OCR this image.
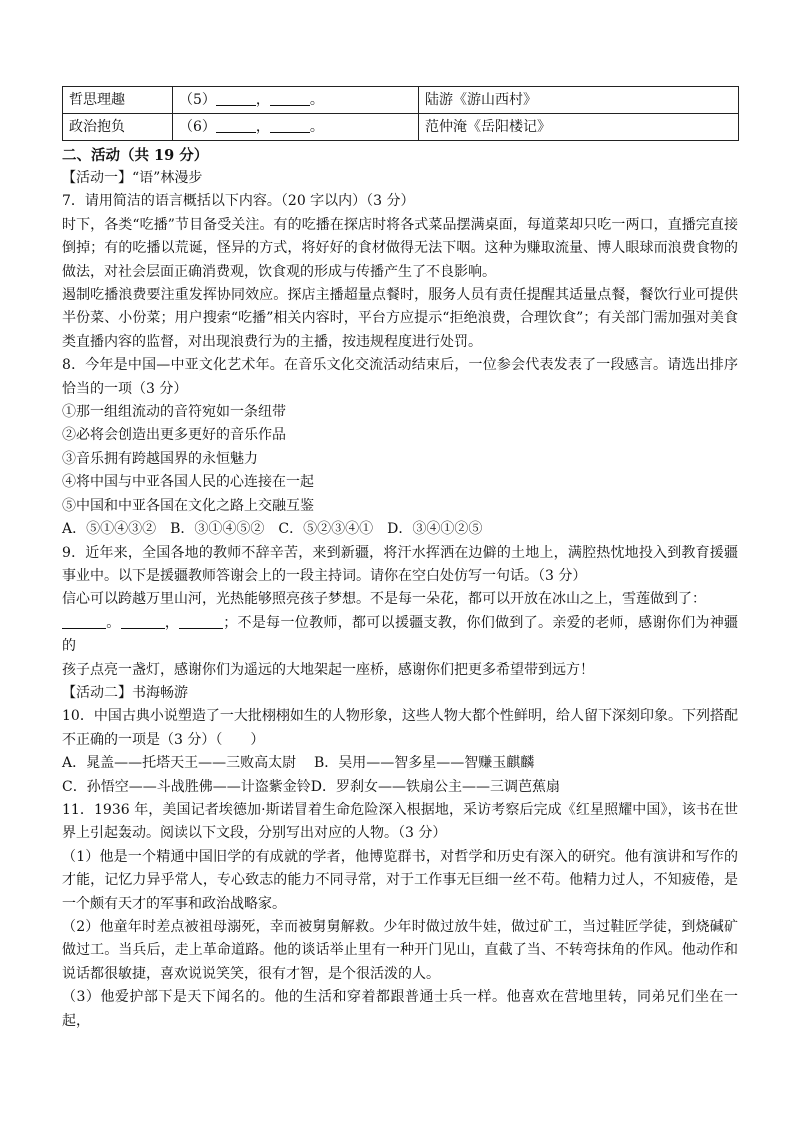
哲思理趣	（5） ， 。	陆游《游山西村》
政治抱负	（6） ， 。	范仲淹《岳阳楼记》
二、活动（共 19 分）

【活动一】“语”林漫步

7．请用简洁的语言概括以下内容。（20 字以内）（3 分）

时下，各类“吃播”节目备受关注。有的吃播在探店时将各式菜品摆满桌面，每道菜却只吃一两口，直播完直接倒掉；有的吃播以荒诞，怪异的方式，将好好的食材做得无法下咽。这种为赚取流量、博人眼球而浪费食物的做法，对社会层面正确消费观，饮食观的形成与传播产生了不良影响。

遏制吃播浪费要注重发挥协同效应。探店主播超量点餐时，服务人员有责任提醒其适量点餐，餐饮行业可提供半份菜、小份菜；用户搜索“吃播”相关内容时，平台方应提示“拒绝浪费，合理饮食”；有关部门需加强对美食类直播内容的监督，对出现浪费行为的主播，按违规程度进行处罚。

8．今年是中国—中亚文化艺术年。在音乐文化交流活动结束后，一位参会代表发表了一段感言。请选出排序恰当的一项（3 分）

①那一组组流动的音符宛如一条纽带

②必将会创造出更多更好的音乐作品

③音乐拥有跨越国界的永恒魅力

④将中国与中亚各国人民的心连接在一起

⑤中国和中亚各国在文化之路上交融互鉴

A．⑤①④③② B．③①④⑤② C．⑤②③④① D．③④①②⑤

9．近年来，全国各地的教师不辞辛苦，来到新疆，将汗水挥洒在边僻的土地上，满腔热忱地投入到教育援疆事业中。以下是援疆教师答谢会上的一段主持词。请你在空白处仿写一句话。（3 分）

信心可以跨越万里山河，光热能够照亮孩子梦想。不是每一朵花，都可以开放在冰山之上，雪莲做到了：

。	，	；不是每一位教师，都可以援疆支教，你们做到了。亲爱的老师，感谢你们为神疆的

孩子点亮一盏灯，感谢你们为遥远的大地架起一座桥，感谢你们把更多希望带到远方！

【活动二】书海畅游

10．中国古典小说塑造了一大批栩栩如生的人物形象，这些人物大都个性鲜明，给人留下深刻印象。下列搭配不正确的一项是（3 分）（　　）

A．晁盖——托塔天王——三败高太尉 B．吴用——智多星——智赚玉麒麟

C．孙悟空——斗战胜佛——计盗紫金铃D．罗刹女——铁扇公主——三调芭蕉扇

11．1936 年，美国记者埃德加·斯诺冒着生命危险深入根据地，采访考察后完成《红星照耀中国》，该书在世界上引起轰动。阅读以下文段，分别写出对应的人物。（3 分）

（1）他是一个精通中国旧学的有成就的学者，他博览群书，对哲学和历史有深入的研究。他有演讲和写作的才能，记忆力异乎常人，专心致志的能力不同寻常，对于工作事无巨细一丝不苟。他精力过人，不知疲倦，是一个颇有天才的军事和政治战略家。

（2）他童年时差点被祖母溺死，幸而被舅舅解救。少年时做过放牛娃，做过矿工，当过鞋匠学徒，到烧碱矿做过工。当兵后，走上革命道路。他的谈话举止里有一种开门见山，直截了当、不转弯抹角的作风。他动作和说话都很敏捷，喜欢说说笑笑，很有才智，是个很活泼的人。

（3）他爱护部下是天下闻名的。他的生活和穿着都跟普通士兵一样。他喜欢在营地里转，同弟兄们坐在一起，
